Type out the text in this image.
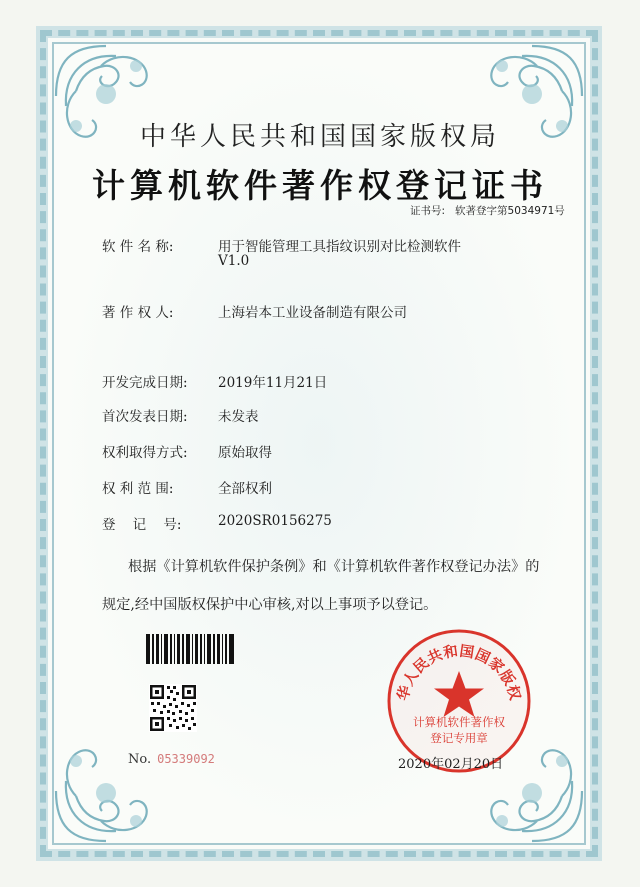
中华人民共和国国家版权局
计算机软件著作权登记证书
证书号: 软著登字第5034971号
软 件 名 称:	用于智能管理工具指纹识别对比检测软件
V1.0
著 作 权 人:	上海岩本工业设备制造有限公司
开发完成日期: 2019年11月21日
首次发表日期: 未发表
权利取得方式: 原始取得
权 利 范 围:	全部权利
登    记    号:	2020SR0156275
根据《计算机软件保护条例》和《计算机软件著作权登记办法》的
规定,经中国版权保护中心审核,对以上事项予以登记。
No. 05339092
华人民共和国国家版权
计算机软件著作权
登记专用章
2020年02月20日
